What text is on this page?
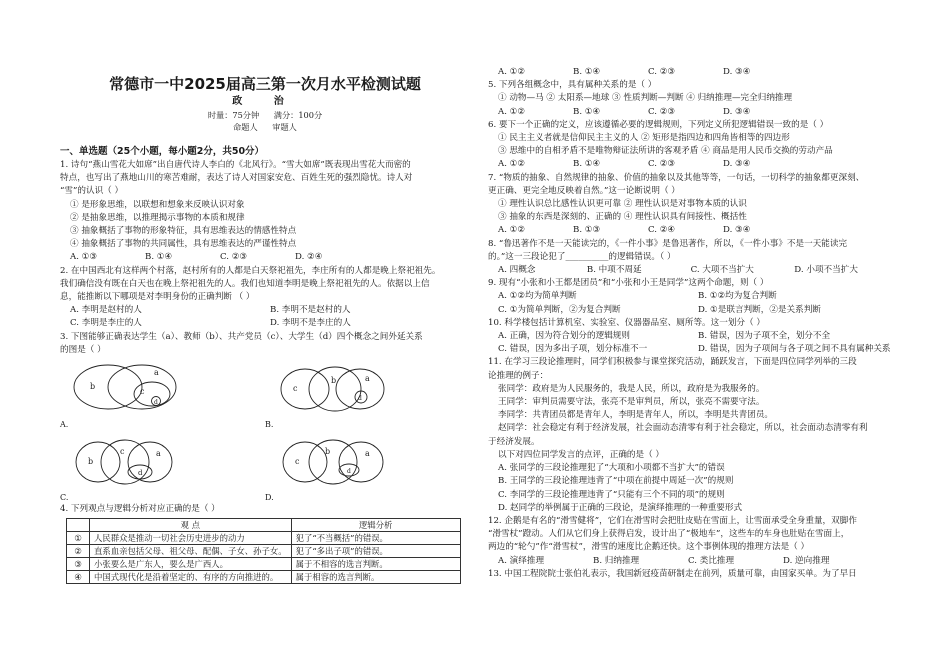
常德市一中2025届高三第一次月水平检测试题
政 治
时量：75分钟 满分：100分
命题人 审题人
一、单选题（25个小题，每小题2分，共50分）
1. 诗句“燕山雪花大如席”出自唐代诗人李白的《北风行》。“雪大如席”既表现出雪花大而密的
特点，也写出了燕地山川的寒苦难耐，表达了诗人对国家安危、百姓生死的强烈隐忧。诗人对
“雪”的认识（ ）
① 是形象思维，以联想和想象来反映认识对象
② 是抽象思维，以推理揭示事物的本质和规律
③ 抽象概括了事物的形象特征，具有思维表达的情感性特点
④ 抽象概括了事物的共同属性，具有思维表达的严谨性特点
A. ①③	B. ①④	C. ②③	D. ②④
2. 在中国西北有这样两个村落，赵村所有的人都是白天祭祀祖先，李庄所有的人都是晚上祭祀祖先。
我们确信没有既在白天也在晚上祭祀祖先的人。我们也知道李明是晚上祭祀祖先的人。依据以上信
息，能推断以下哪项是对李明身份的正确判断 （ ）
A. 李明是赵村的人	B. 李明不是赵村的人
C. 李明是李庄的人	D. 李明不是李庄的人
3. 下图能够正确表达学生（a）、教师（b）、共产党员（c）、大学生（d）四个概念之间外延关系
的图是（ ）
b
a
c
d
A.
c
b	a
d
B.
b
c	a
d
C.
c
b	a
d
D.
4. 下列观点与逻辑分析对应正确的是（ ）
	观 点	逻辑分析
①	人民群众是推动一切社会历史进步的动力	犯了“不当概括”的错误。
②	直系血亲包括父母、祖父母、配偶、子女、孙子女。	犯了“多出子项”的错误。
③	小张要么是广东人，要么是广西人。	属于不相容的选言判断。
④	中国式现代化是沿着坚定的、有序的方向推进的。	属于相容的选言判断。
A. ①②	B. ①④	C. ②③	D. ③④
5. 下列各组概念中，具有属种关系的是（ ）
① 动物—马 ② 太阳系—地球 ③ 性质判断—判断 ④ 归纳推理—完全归纳推理
A. ①②	B. ①④	C. ②③	D. ③④
6. 要下一个正确的定义，应该遵循必要的逻辑规则，下列定义所犯逻辑错误一致的是（ ）
① 民主主义者就是信仰民主主义的人 ② 矩形是指四边和四角皆相等的四边形
③ 思维中的自相矛盾不是唯物辩证法所讲的客观矛盾 ④ 商品是用人民币交换的劳动产品
A. ①②	B. ①④	C. ②③	D. ③④
7. “物质的抽象、自然规律的抽象、价值的抽象以及其他等等，一句话，一切科学的抽象都更深刻、
更正确、更完全地反映着自然。”这一论断说明（ ）
① 理性认识总比感性认识更可靠 ② 理性认识是对事物本质的认识
③ 抽象的东西是深刻的、正确的 ④ 理性认识具有间接性、概括性
A. ①②	B. ①③	C. ②④	D. ③④
8. “鲁迅著作不是一天能读完的，《一件小事》是鲁迅著作，所以，《一件小事》不是一天能读完
的。”这一三段论犯了__________的逻辑错误。（ ）
A. 四概念	B. 中项不周延	C. 大项不当扩大	D. 小项不当扩大
9. 现有“小张和小王都是团员”和“小张和小王是同学”这两个命题，则（ ）
A. ①②均为简单判断	B. ①②均为复合判断
C. ①为简单判断，②为复合判断	D. ①是联言判断，②是关系判断
10. 科学楼包括计算机室、实验室、仪器器品室、厕所等。这一划分（ ）
A. 正确，因为符合划分的逻辑规则	B. 错误，因为子项不全，划分不全
C. 错误，因为多出子项，划分标准不一	D. 错误，因为子项间与各子项之间不具有属种关系
11. 在学习三段论推理时，同学们积极参与课堂探究活动，踊跃发言，下面是四位同学列举的三段
论推理的例子：
张同学：政府是为人民服务的，我是人民，所以，政府是为我服务的。
王同学：审判员需要守法，张亮不是审判员，所以，张亮不需要守法。
李同学：共青团员都是青年人，李明是青年人，所以，李明是共青团员。
赵同学：社会稳定有利于经济发展，社会面动态清零有利于社会稳定，所以，社会面动态清零有利
于经济发展。
以下对四位同学发言的点评，正确的是（ ）
A. 张同学的三段论推理犯了“大项和小项都不当扩大”的错误
B. 王同学的三段论推理违背了“中项在前提中周延一次”的规则
C. 李同学的三段论推理违背了“只能有三个不同的项”的规则
D. 赵同学的举例属于正确的三段论，是演绎推理的一种重要形式
12. 企鹅是有名的“滑雪健将”，它们在滑雪时会把肚皮贴在雪面上，让雪面承受全身重量，双脚作
“滑雪杖”蹬动。人们从它们身上获得启发，设计出了“极地车”，这些车的车身也肚贴在雪面上，
两边的“轮勺”作“滑雪杖”，滑雪的速度比企鹅还快。这个事例体现的推理方法是（ ）
A. 演绎推理	B. 归纳推理	C. 类比推理	D. 逆向推理
13. 中国工程院院士张伯礼表示，我国新冠疫苗研制走在前列，质量可靠，由国家买单。为了早日
